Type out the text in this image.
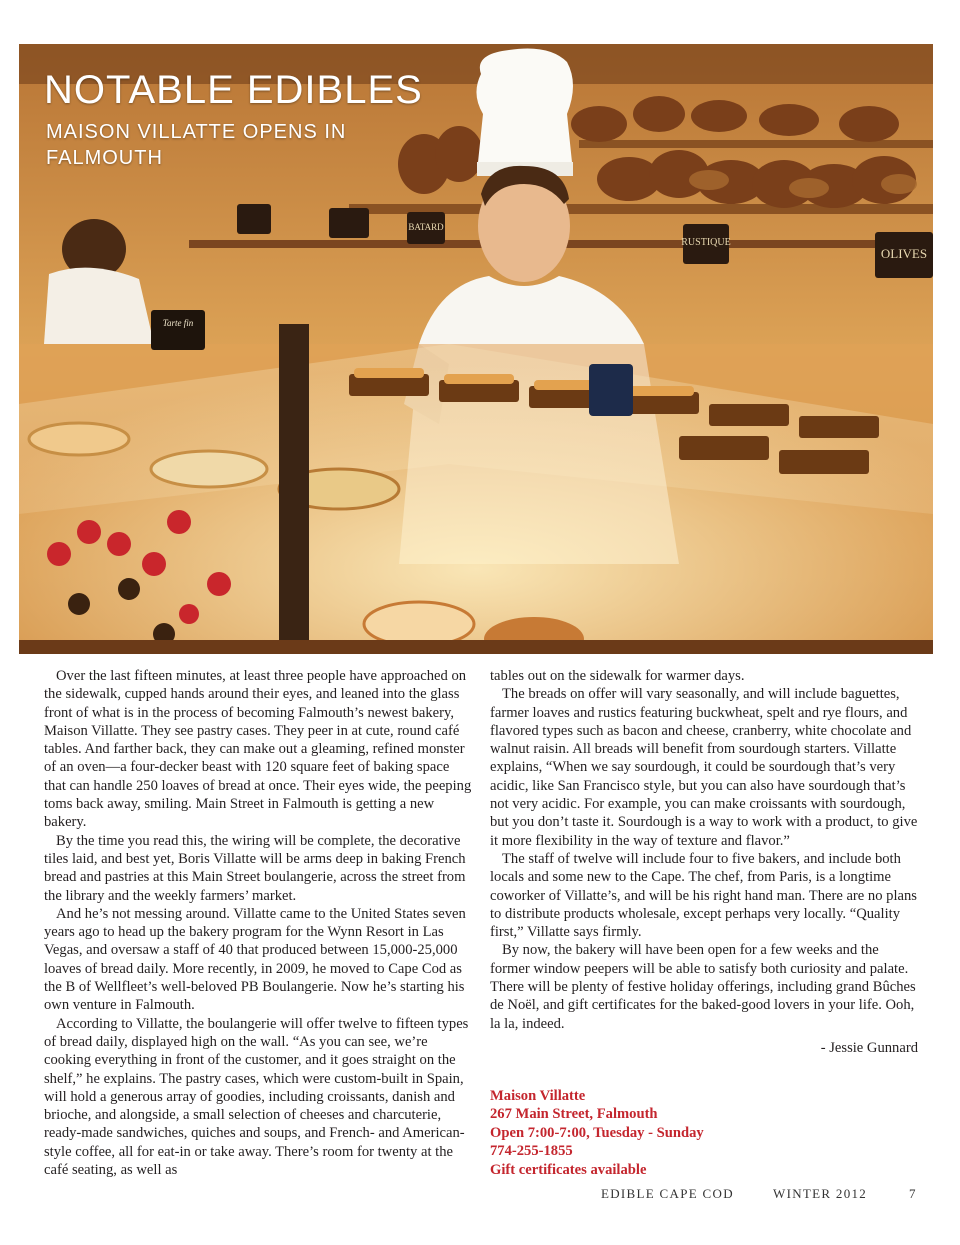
BATARD
RUSTIQUE
OLIVES
Tarte fin
NOTABLE EDIBLES
MAISON VILLATTE OPENS IN FALMOUTH

Over the last fifteen minutes, at least three people have approached on the sidewalk, cupped hands around their eyes, and leaned into the glass front of what is in the process of becoming Falmouth’s newest bakery, Maison Villatte. They see pastry cases. They peer in at cute, round café tables. And farther back, they can make out a gleaming, refined monster of an oven—a four-decker beast with 120 square feet of baking space that can handle 250 loaves of bread at once. Their eyes wide, the peeping toms back away, smiling. Main Street in Falmouth is getting a new bakery.

By the time you read this, the wiring will be complete, the decorative tiles laid, and best yet, Boris Villatte will be arms deep in baking French bread and pastries at this Main Street boulangerie, across the street from the library and the weekly farmers’ market.

And he’s not messing around. Villatte came to the United States seven years ago to head up the bakery program for the Wynn Resort in Las Vegas, and oversaw a staff of 40 that produced between 15,000-25,000 loaves of bread daily. More recently, in 2009, he moved to Cape Cod as the B of Wellfleet’s well-beloved PB Boulangerie. Now he’s starting his own venture in Falmouth.

According to Villatte, the boulangerie will offer twelve to fifteen types of bread daily, displayed high on the wall. “As you can see, we’re cooking everything in front of the customer, and it goes straight on the shelf,” he explains. The pastry cases, which were custom-built in Spain, will hold a generous array of goodies, including croissants, danish and brioche, and alongside, a small selection of cheeses and charcuterie, ready-made sandwiches, quiches and soups, and French- and American-style coffee, all for eat-in or take away. There’s room for twenty at the café seating, as well as

tables out on the sidewalk for warmer days.

The breads on offer will vary seasonally, and will include baguettes, farmer loaves and rustics featuring buckwheat, spelt and rye flours, and flavored types such as bacon and cheese, cranberry, white chocolate and walnut raisin. All breads will benefit from sourdough starters. Villatte explains, “When we say sourdough, it could be sourdough that’s very acidic, like San Francisco style, but you can also have sourdough that’s not very acidic. For example, you can make croissants with sourdough, but you don’t taste it. Sourdough is a way to work with a product, to give it more flexibility in the way of texture and flavor.”

The staff of twelve will include four to five bakers, and include both locals and some new to the Cape. The chef, from Paris, is a longtime coworker of Villatte’s, and will be his right hand man. There are no plans to distribute products wholesale, except perhaps very locally. “Quality first,” Villatte says firmly.

By now, the bakery will have been open for a few weeks and the former window peepers will be able to satisfy both curiosity and palate. There will be plenty of festive holiday offerings, including grand Bûches de Noël, and gift certificates for the baked-good lovers in your life. Ooh, la la, indeed.

- Jessie Gunnard
Maison Villatte
267 Main Street, Falmouth
Open 7:00-7:00, Tuesday - Sunday
774-255-1855
Gift certificates available
EDIBLE CAPE COD	WINTER 2012	7
